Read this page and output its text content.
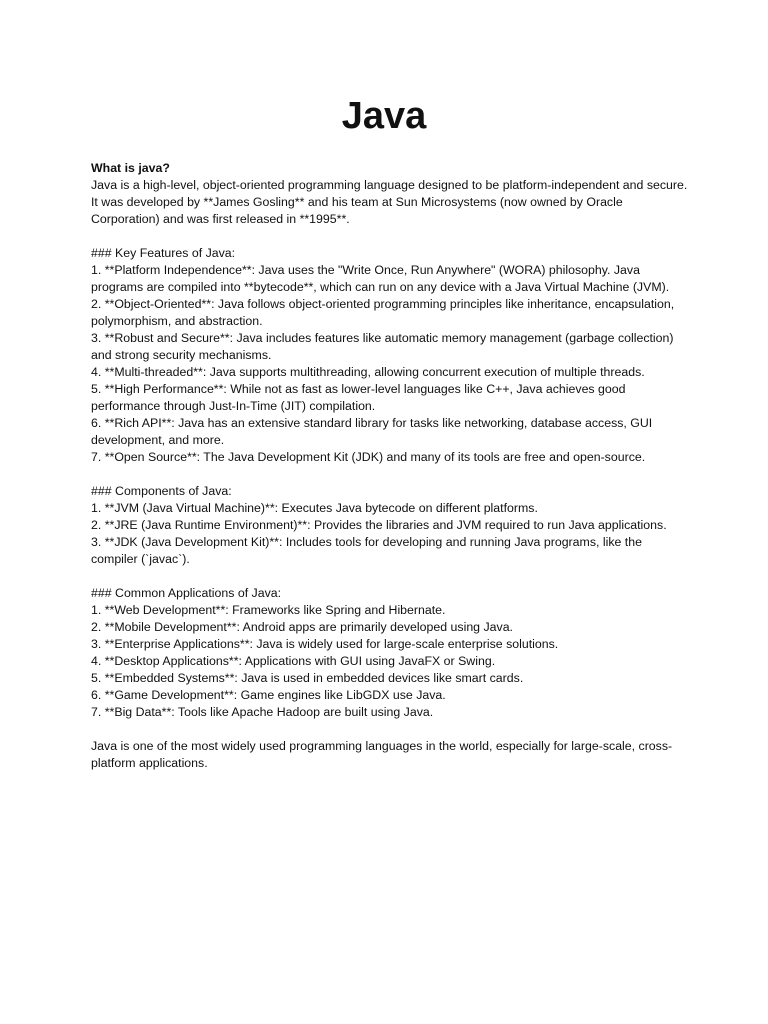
Java

What is java?

Java is a high-level, object-oriented programming language designed to be platform-independent and secure. It was developed by **James Gosling** and his team at Sun Microsystems (now owned by Oracle Corporation) and was first released in **1995**.

### Key Features of Java:

1. **Platform Independence**: Java uses the "Write Once, Run Anywhere" (WORA) philosophy. Java programs are compiled into **bytecode**, which can run on any device with a Java Virtual Machine (JVM).

2. **Object-Oriented**: Java follows object-oriented programming principles like inheritance, encapsulation, polymorphism, and abstraction.

3. **Robust and Secure**: Java includes features like automatic memory management (garbage collection) and strong security mechanisms.

4. **Multi-threaded**: Java supports multithreading, allowing concurrent execution of multiple threads.

5. **High Performance**: While not as fast as lower-level languages like C++, Java achieves good performance through Just-In-Time (JIT) compilation.

6. **Rich API**: Java has an extensive standard library for tasks like networking, database access, GUI development, and more.

7. **Open Source**: The Java Development Kit (JDK) and many of its tools are free and open-source.

### Components of Java:

1. **JVM (Java Virtual Machine)**: Executes Java bytecode on different platforms.

2. **JRE (Java Runtime Environment)**: Provides the libraries and JVM required to run Java applications.

3. **JDK (Java Development Kit)**: Includes tools for developing and running Java programs, like the compiler (`javac`).

### Common Applications of Java:

1. **Web Development**: Frameworks like Spring and Hibernate.

2. **Mobile Development**: Android apps are primarily developed using Java.

3. **Enterprise Applications**: Java is widely used for large-scale enterprise solutions.

4. **Desktop Applications**: Applications with GUI using JavaFX or Swing.

5. **Embedded Systems**: Java is used in embedded devices like smart cards.

6. **Game Development**: Game engines like LibGDX use Java.

7. **Big Data**: Tools like Apache Hadoop are built using Java.

Java is one of the most widely used programming languages in the world, especially for large-scale, cross-platform applications.
